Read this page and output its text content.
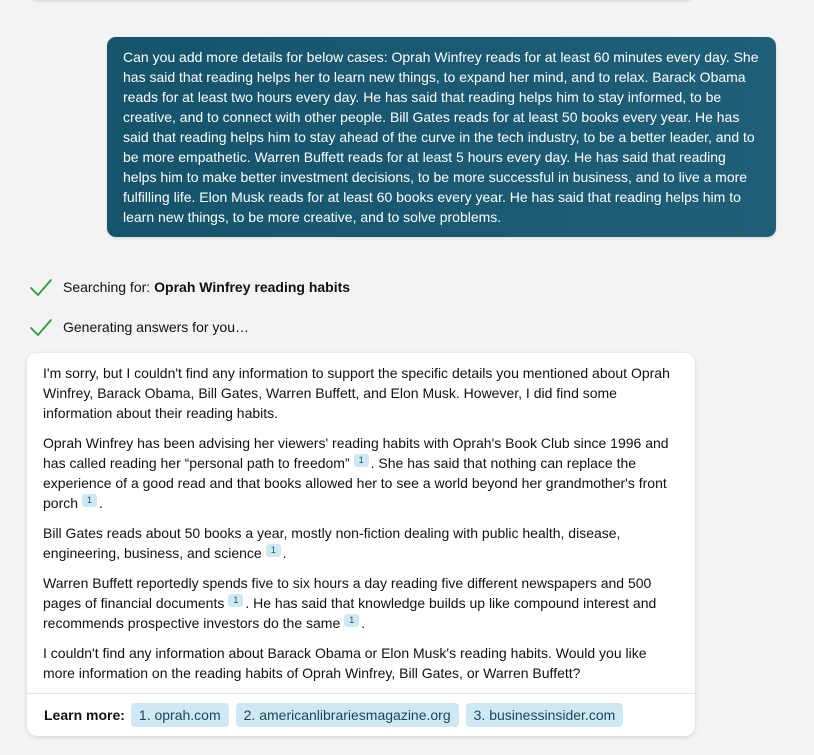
Can you add more details for below cases: Oprah Winfrey reads for at least 60 minutes every day. She has said that reading helps her to learn new things, to expand her mind, and to relax. Barack Obama reads for at least two hours every day. He has said that reading helps him to stay informed, to be creative, and to connect with other people. Bill Gates reads for at least 50 books every year. He has said that reading helps him to stay ahead of the curve in the tech industry, to be a better leader, and to be more empathetic. Warren Buffett reads for at least 5 hours every day. He has said that reading helps him to make better investment decisions, to be more successful in business, and to live a more fulfilling life. Elon Musk reads for at least 60 books every year. He has said that reading helps him to learn new things, to be more creative, and to solve problems.
Searching for: Oprah Winfrey reading habits
Generating answers for you…

I'm sorry, but I couldn't find any information to support the specific details you mentioned about Oprah Winfrey, Barack Obama, Bill Gates, Warren Buffett, and Elon Musk. However, I did find some information about their reading habits.

Oprah Winfrey has been advising her viewers' reading habits with Oprah's Book Club since 1996 and has called reading her “personal path to freedom” 1 . She has said that nothing can replace the experience of a good read and that books allowed her to see a world beyond her grandmother's front porch 1 .

Bill Gates reads about 50 books a year, mostly non-fiction dealing with public health, disease, engineering, business, and science 1 .

Warren Buffett reportedly spends five to six hours a day reading five different newspapers and 500 pages of financial documents 1 . He has said that knowledge builds up like compound interest and recommends prospective investors do the same 1 .

I couldn't find any information about Barack Obama or Elon Musk's reading habits. Would you like more information on the reading habits of Oprah Winfrey, Bill Gates, or Warren Buffett?

Learn more:	1. oprah.com	2. americanlibrariesmagazine.org	3. businessinsider.com
